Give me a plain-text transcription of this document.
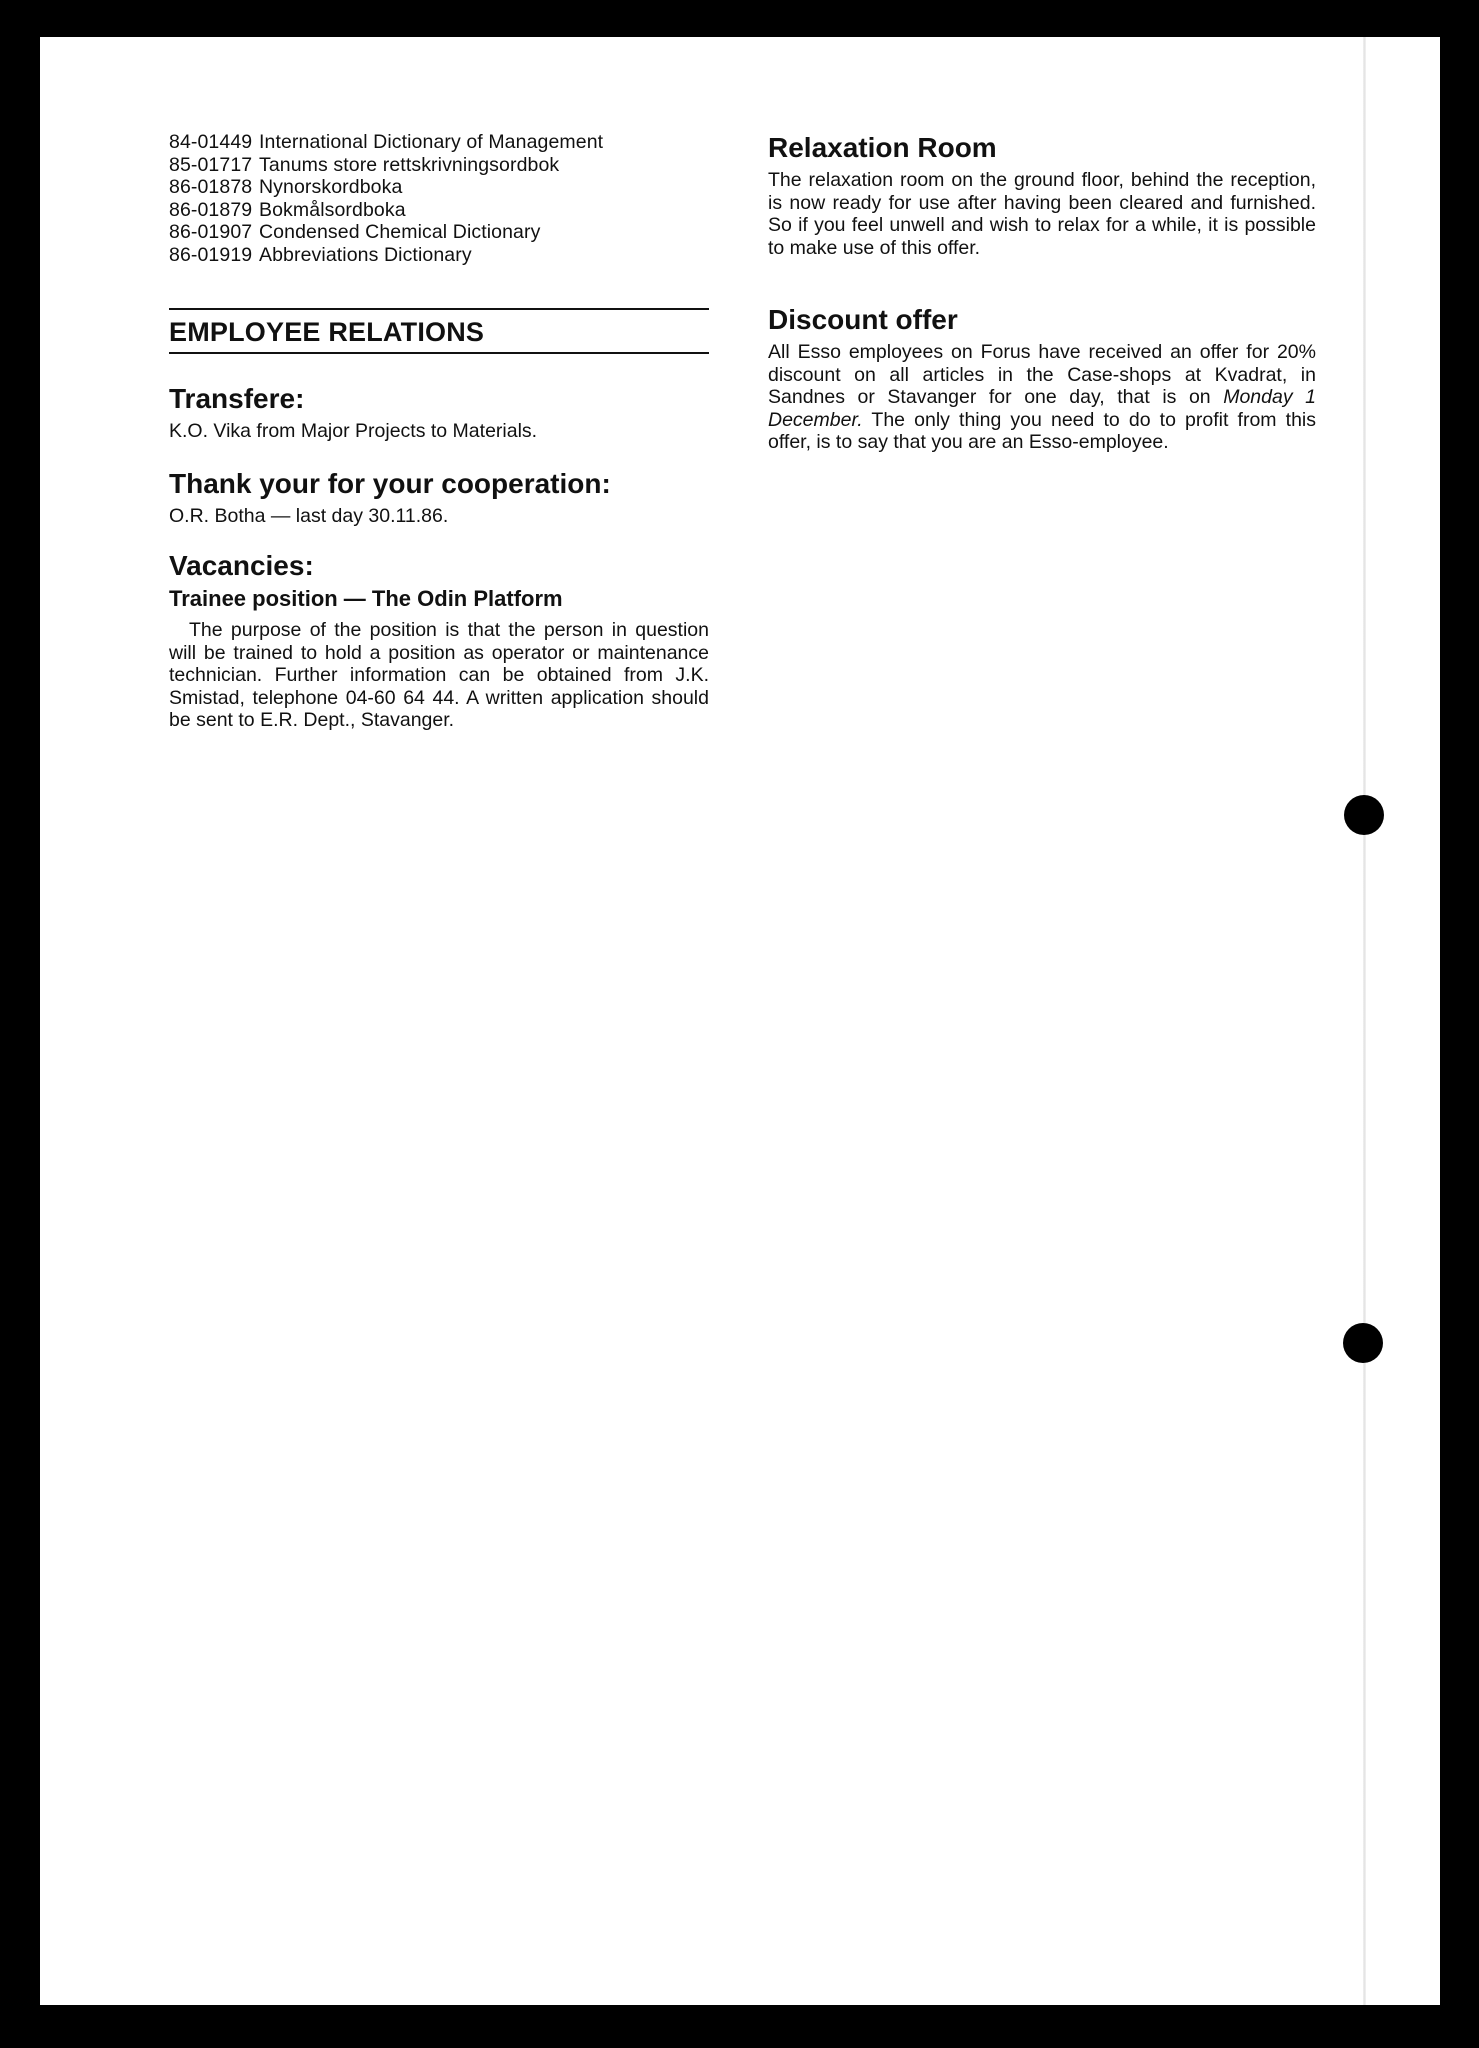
84-01449 International Dictionary of Management
85-01717 Tanums store rettskrivningsordbok
86-01878 Nynorskordboka
86-01879 Bokmålsordboka
86-01907 Condensed Chemical Dictionary
86-01919 Abbreviations Dictionary
EMPLOYEE RELATIONS
Transfere:

K.O. Vika from Major Projects to Materials.

Thank your for your cooperation:

O.R. Botha — last day 30.11.86.

Vacancies:
Trainee position — The Odin Platform

The purpose of the position is that the person in question will be trained to hold a position as operator or maintenance technician. Further information can be obtained from J.K. Smistad, telephone 04-60 64 44. A written application should be sent to E.R. Dept., Stavanger.

Relaxation Room

The relaxation room on the ground floor, behind the reception, is now ready for use after having been cleared and furnished. So if you feel unwell and wish to relax for a while, it is possible to make use of this offer.

Discount offer

All Esso employees on Forus have received an offer for 20% discount on all articles in the Case-shops at Kvadrat, in Sandnes or Stavanger for one day, that is on Monday 1 December. The only thing you need to do to profit from this offer, is to say that you are an Esso-employee.
